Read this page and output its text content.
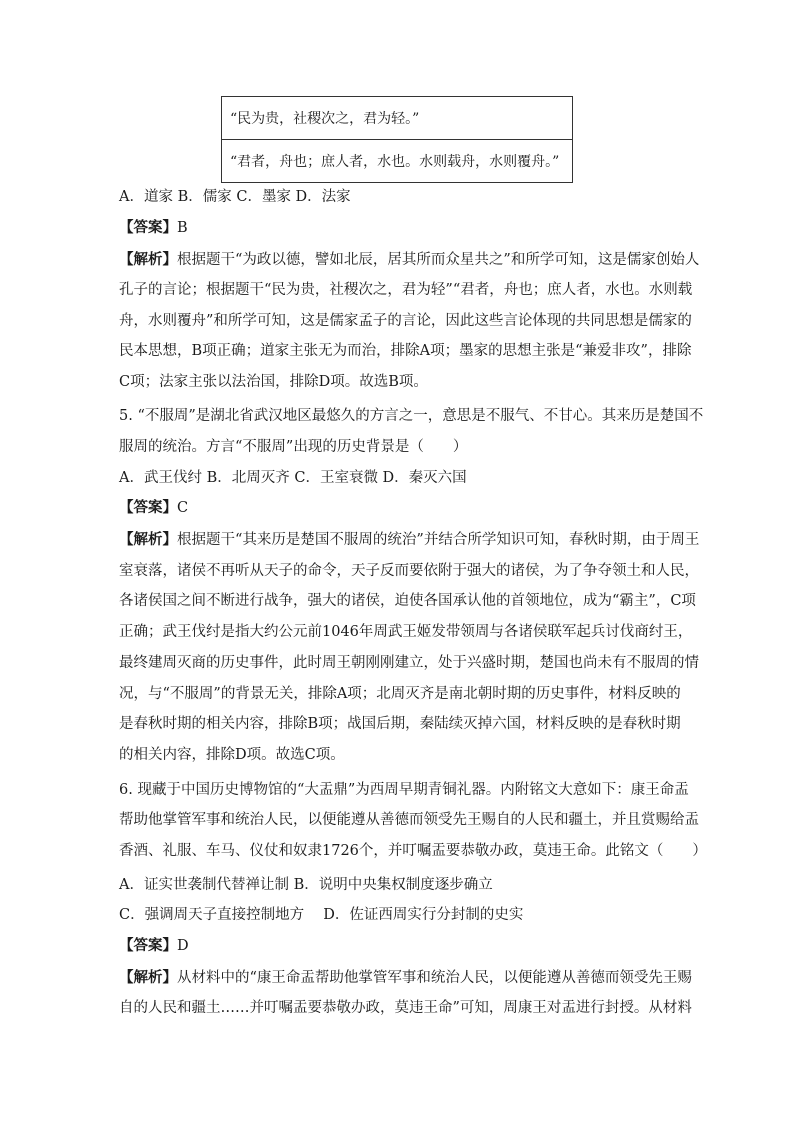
“民为贵，社稷次之，君为轻。”
“君者，舟也；庶人者，水也。水则载舟，水则覆舟。”
A．道家 B．儒家 C．墨家 D．法家
【答案】B
【解析】根据题干“为政以德，譬如北辰，居其所而众星共之”和所学可知，这是儒家创始人
孔子的言论；根据题干“民为贵，社稷次之，君为轻”“君者，舟也；庶人者，水也。水则载
舟，水则覆舟”和所学可知，这是儒家孟子的言论，因此这些言论体现的共同思想是儒家的
民本思想，B项正确；道家主张无为而治，排除A项；墨家的思想主张是“兼爱非攻”，排除
C项；法家主张以法治国，排除D项。故选B项。
5. “不服周”是湖北省武汉地区最悠久的方言之一，意思是不服气、不甘心。其来历是楚国不
服周的统治。方言“不服周”出现的历史背景是（　　）
A．武王伐纣 B．北周灭齐 C．王室衰微 D．秦灭六国
【答案】C
【解析】根据题干“其来历是楚国不服周的统治”并结合所学知识可知，春秋时期，由于周王
室衰落，诸侯不再听从天子的命令，天子反而要依附于强大的诸侯，为了争夺领土和人民，
各诸侯国之间不断进行战争，强大的诸侯，迫使各国承认他的首领地位，成为“霸主”，C项
正确；武王伐纣是指大约公元前1046年周武王姬发带领周与各诸侯联军起兵讨伐商纣王，
最终建周灭商的历史事件，此时周王朝刚刚建立，处于兴盛时期，楚国也尚未有不服周的情
况，与“不服周”的背景无关，排除A项；北周灭齐是南北朝时期的历史事件，材料反映的
是春秋时期的相关内容，排除B项；战国后期，秦陆续灭掉六国，材料反映的是春秋时期
的相关内容，排除D项。故选C项。
6. 现藏于中国历史博物馆的“大盂鼎”为西周早期青铜礼器。内附铭文大意如下：康王命盂
帮助他掌管军事和统治人民，以便能遵从善德而领受先王赐自的人民和疆土，并且赏赐给盂
香酒、礼服、车马、仪仗和奴隶1726个，并叮嘱盂要恭敬办政，莫违王命。此铭文（　　）
A．证实世袭制代替禅让制 B．说明中央集权制度逐步确立
C．强调周天子直接控制地方　 D．佐证西周实行分封制的史实
【答案】D
【解析】从材料中的“康王命盂帮助他掌管军事和统治人民，以便能遵从善德而领受先王赐
自的人民和疆土……并叮嘱盂要恭敬办政，莫违王命”可知，周康王对盂进行封授。从材料
